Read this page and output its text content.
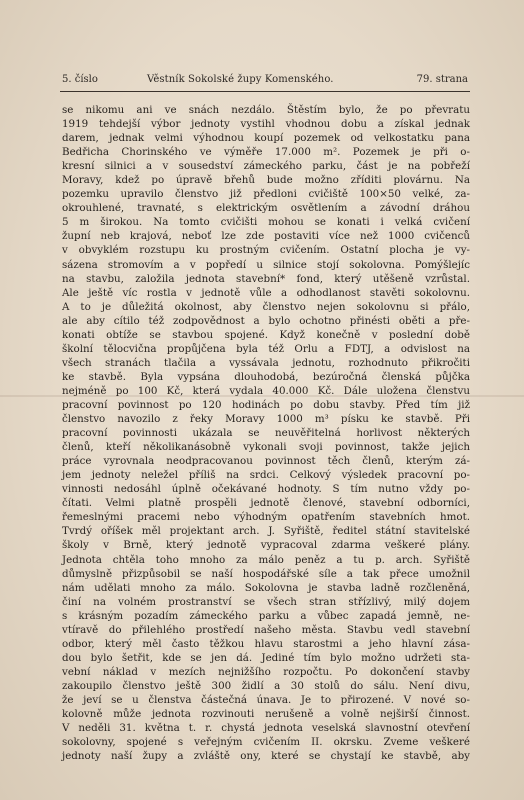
5. číslo	Věstník Sokolské župy Komenského.	79. strana
se nikomu ani ve snách nezdálo. Štěstím bylo, že po převratu
1919 tehdejší výbor jednoty vystihl vhodnou dobu a získal jednak
darem, jednak velmi výhodnou koupí pozemek od velkostatku pana
Bedřicha Chorinského ve výměře 17.000 m². Pozemek je při o-
kresní silnici a v sousedství zámeckého parku, část je na pobřeží
Moravy, kdež po úpravě břehů bude možno zříditi plovárnu. Na
pozemku upravilo členstvo již předloni cvičiště 100×50 velké, za-
okrouhlené, travnaté, s elektrickým osvětlením a závodní dráhou
5 m širokou. Na tomto cvičišti mohou se konati i velká cvičení
župní neb krajová, neboť lze zde postaviti více než 1000 cvičenců
v obvyklém rozstupu ku prostným cvičením. Ostatní plocha je vy-
sázena stromovím a v popředí u silnice stojí sokolovna. Pomýšlejíc
na stavbu, založila jednota stavební* fond, který utěšeně vzrůstal.
Ale ještě víc rostla v jednotě vůle a odhodlanost stavěti sokolovnu.
A to je důležitá okolnost, aby členstvo nejen sokolovnu si přálo,
ale aby cítilo též zodpovědnost a bylo ochotno přinésti oběti a pře-
konati obtíže se stavbou spojené. Když konečně v poslední době
školní tělocvična propůjčena byla též Orlu a FDTJ, a odvislost na
všech stranách tlačila a vyssávala jednotu, rozhodnuto přikročiti
ke stavbě. Byla vypsána dlouhodobá, bezúročná členská půjčka
nejméně po 100 Kč, která vydala 40.000 Kč. Dále uložena členstvu
pracovní povinnost po 120 hodinách po dobu stavby. Před tím již
členstvo navozilo z řeky Moravy 1000 m³ písku ke stavbě. Při
pracovní povinnosti ukázala se neuvěřitelná horlivost některých
členů, kteří několikanásobně vykonali svoji povinnost, takže jejich
práce vyrovnala neodpracovanou povinnost těch členů, kterým zá-
jem jednoty neležel příliš na srdci. Celkový výsledek pracovní po-
vinnosti nedosáhl úplně očekávané hodnoty. S tím nutno vždy po-
čítati. Velmi platně prospěli jednotě členové, stavební odborníci,
řemeslnými pracemi nebo výhodným opatřením stavebních hmot.
Tvrdý oříšek měl projektant arch. J. Syřiště, ředitel státní stavitelské
školy v Brně, který jednotě vypracoval zdarma veškeré plány.
Jednota chtěla toho mnoho za málo peněz a tu p. arch. Syřiště
důmyslně přizpůsobil se naší hospodářské síle a tak přece umožnil
nám udělati mnoho za málo. Sokolovna je stavba ladně rozčleněná,
činí na volném prostranství se všech stran střízlivý, milý dojem
s krásným pozadím zámeckého parku a vůbec zapadá jemně, ne-
vtíravě do přilehlého prostředí našeho města. Stavbu vedl stavební
odbor, který měl často těžkou hlavu starostmi a jeho hlavní zása-
dou bylo šetřit, kde se jen dá. Jediné tím bylo možno udržeti sta-
vební náklad v mezích nejnižšího rozpočtu. Po dokončení stavby
zakoupilo členstvo ještě 300 židlí a 30 stolů do sálu. Není divu,
že jeví se u členstva částečná únava. Je to přirozené. V nové so-
kolovně může jednota rozvinouti nerušeně a volně nejširší činnost.
V neděli 31. května t. r. chystá jednota veselská slavnostní otevření
sokolovny, spojené s veřejným cvičením II. okrsku. Zveme veškeré
jednoty naší župy a zvláště ony, které se chystají ke stavbě, aby
